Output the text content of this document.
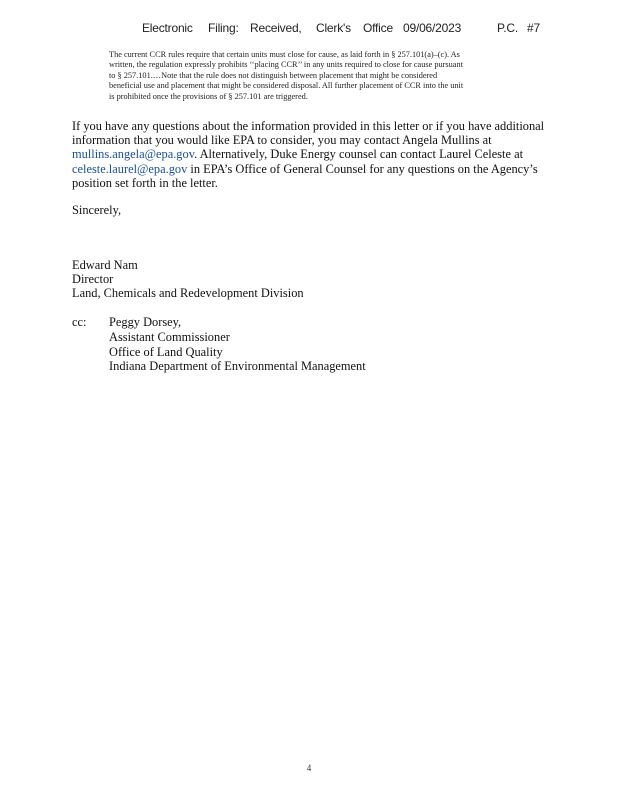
Electronic Filing: Received, Clerk's Office 09/06/2023	P.C. #7
The current CCR rules require that certain units must close for cause, as laid forth in § 257.101(a)–(c). As
written, the regulation expressly prohibits ‘‘placing CCR’’ in any units required to close for cause pursuant
to § 257.101.…Note that the rule does not distinguish between placement that might be considered
beneficial use and placement that might be considered disposal. All further placement of CCR into the unit
is prohibited once the provisions of § 257.101 are triggered.
If you have any questions about the information provided in this letter or if you have additional
information that you would like EPA to consider, you may contact Angela Mullins at
mullins.angela@epa.gov. Alternatively, Duke Energy counsel can contact Laurel Celeste at
celeste.laurel@epa.gov in EPA’s Office of General Counsel for any questions on the Agency’s
position set forth in the letter.
Sincerely,
Edward Nam
Director
Land, Chemicals and Redevelopment Division
cc: Peggy Dorsey,
Assistant Commissioner
Office of Land Quality
Indiana Department of Environmental Management
4
